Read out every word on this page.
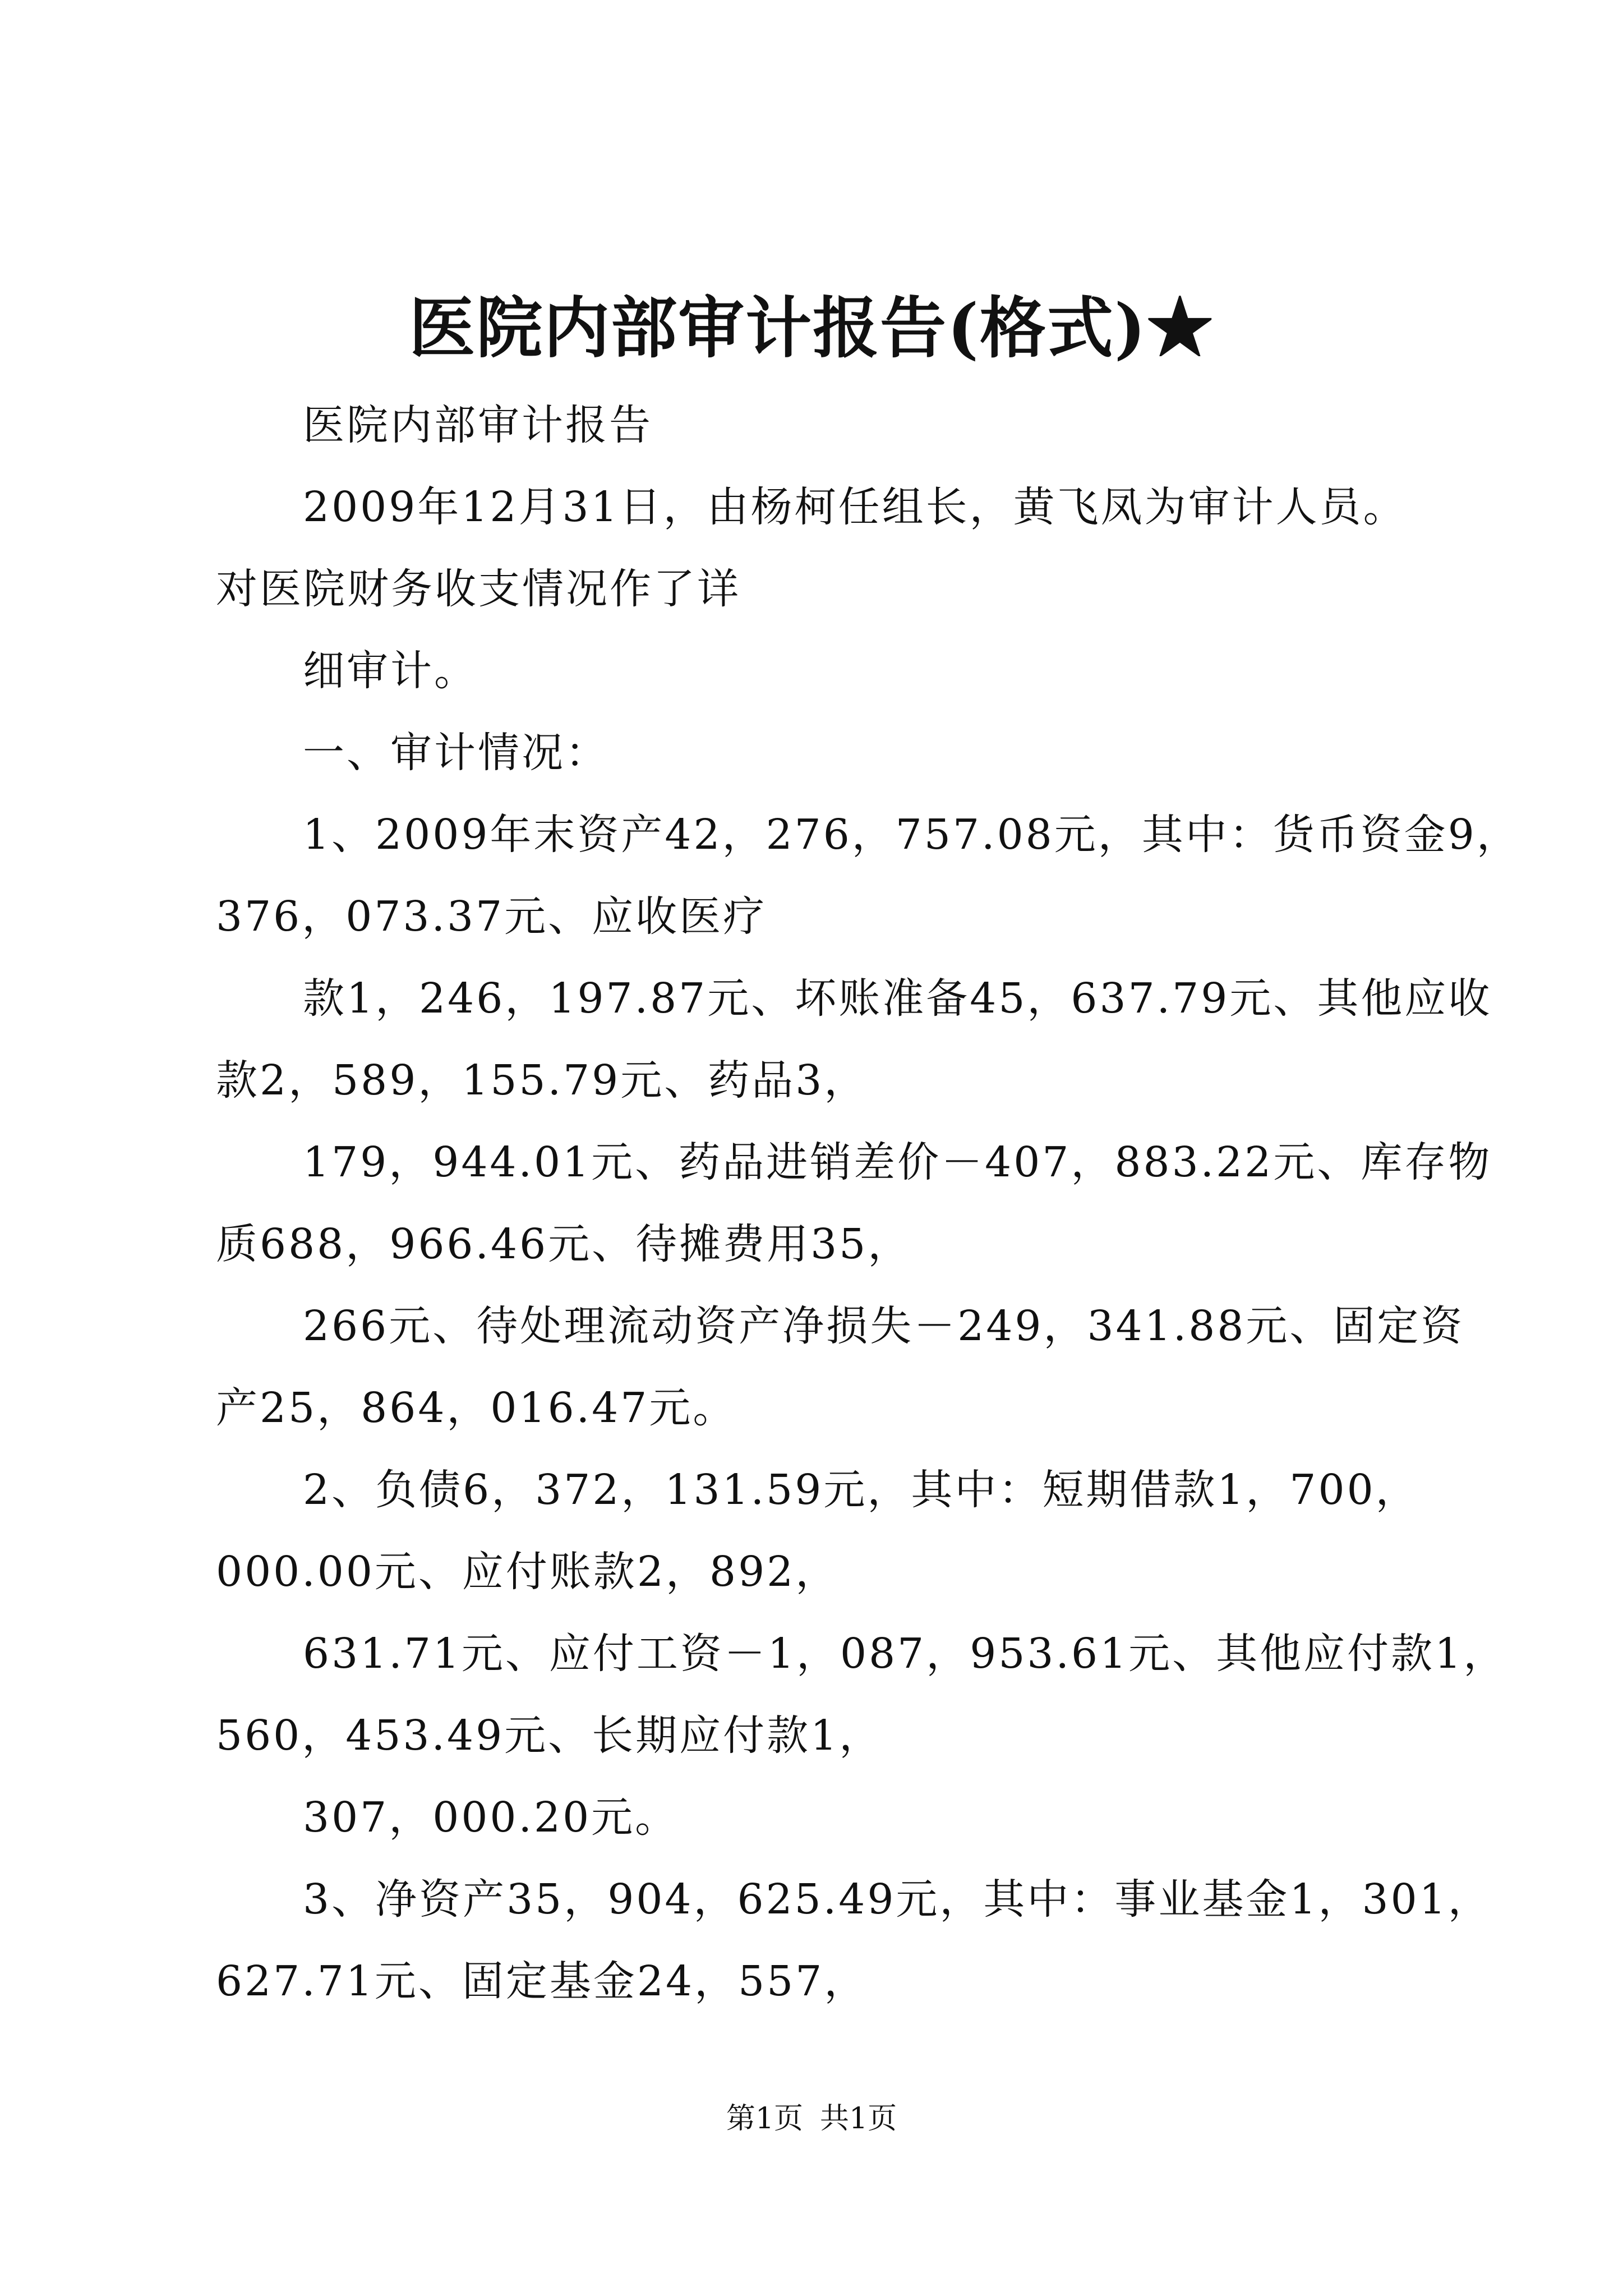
医院内部审计报告(格式)★
医院内部审计报告
2009年12月31日，由杨柯任组长，黄飞凤为审计人员。
对医院财务收支情况作了详
细审计。
一、审计情况：
1、2009年末资产42，276，757.08元，其中：货币资金9，
376，073.37元、应收医疗
款1，246，197.87元、坏账准备45，637.79元、其他应收
款2，589，155.79元、药品3，
179，944.01元、药品进销差价－407，883.22元、库存物
质688，966.46元、待摊费用35，
266元、待处理流动资产净损失－249，341.88元、固定资
产25，864，016.47元。
2、负债6，372，131.59元，其中：短期借款1，700，
000.00元、应付账款2，892，
631.71元、应付工资－1，087，953.61元、其他应付款1，
560，453.49元、长期应付款1，
307，000.20元。
3、净资产35，904，625.49元，其中：事业基金1，301，
627.71元、固定基金24，557，
第1页 共1页
